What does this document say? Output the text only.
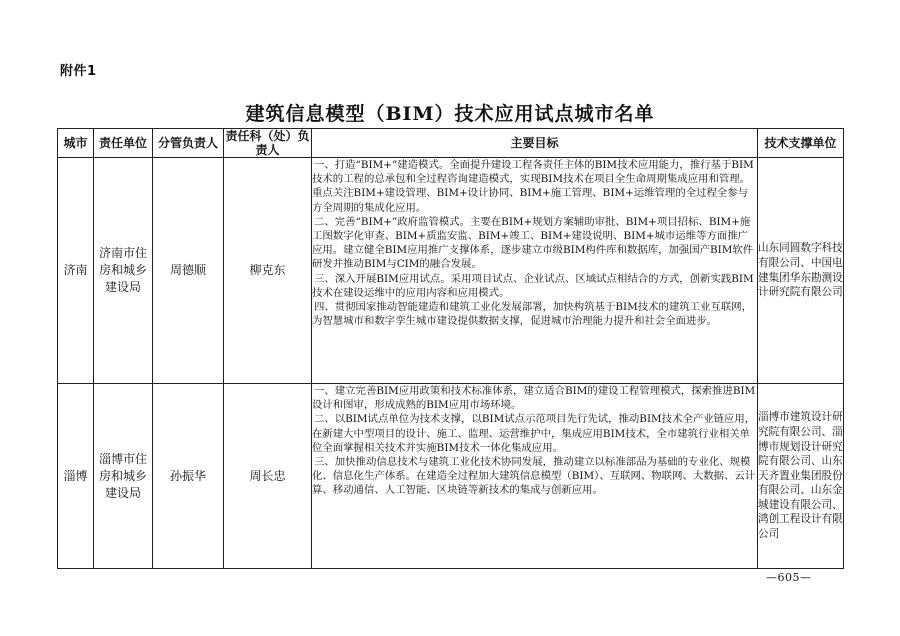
附件1
建筑信息模型（BIM）技术应用试点城市名单
城市	责任单位	分管负责人	责任科（处）负责人	主要目标	技术支撑单位
济南	济南市住房和城乡建设局	周德顺	柳克东	一、打造“BIM+”建造模式。全面提升建设工程各责任主体的BIM技术应用能力，推行基于BIM技术的工程的总承包和全过程咨询建造模式，实现BIM技术在项目全生命周期集成应用和管理。重点关注BIM+建设管理、BIM+设计协同、BIM+施工管理、BIM+运维管理的全过程全参与方全周期的集成化应用。

二、完善“BIM+”政府监管模式。主要在BIM+规划方案辅助审批、BIM+项目招标、BIM+施工图数字化审查、BIM+质监安监、BIM+竣工、BIM+建设说明、BIM+城市运维等方面推广应用。建立健全BIM应用推广支撑体系，逐步建立市级BIM构件库和数据库，加强国产BIM软件研发并推动BIM与CIM的融合发展。

三、深入开展BIM应用试点。采用项目试点、企业试点、区域试点相结合的方式，创新实践BIM技术在建设运维中的应用内容和应用模式。

四、贯彻国家推动智能建造和建筑工业化发展部署，加快构筑基于BIM技术的建筑工业互联网，为智慧城市和数字孪生城市建设提供数据支撑，促进城市治理能力提升和社会全面进步。	山东同圆数字科技有限公司、中国电建集团华东勘测设计研究院有限公司
淄博	淄博市住房和城乡建设局	孙振华	周长忠	一、建立完善BIM应用政策和技术标准体系，建立适合BIM的建设工程管理模式，探索推进BIM设计和图审，形成成熟的BIM应用市场环境。

二、以BIM试点单位为技术支撑，以BIM试点示范项目先行先试，推动BIM技术全产业链应用，在新建大中型项目的设计、施工、监理、运营维护中，集成应用BIM技术，全市建筑行业相关单位全面掌握相关技术并实施BIM技术一体化集成应用。

三、加快推动信息技术与建筑工业化技术协同发展，推动建立以标准部品为基础的专业化、规模化、信息化生产体系。在建造全过程加大建筑信息模型（BIM）、互联网、物联网、大数据、云计算、移动通信、人工智能、区块链等新技术的集成与创新应用。	淄博市建筑设计研究院有限公司、淄博市规划设计研究院有限公司、山东天齐置业集团股份有限公司、山东金城建设有限公司、鸿创工程设计有限公司
—605—
